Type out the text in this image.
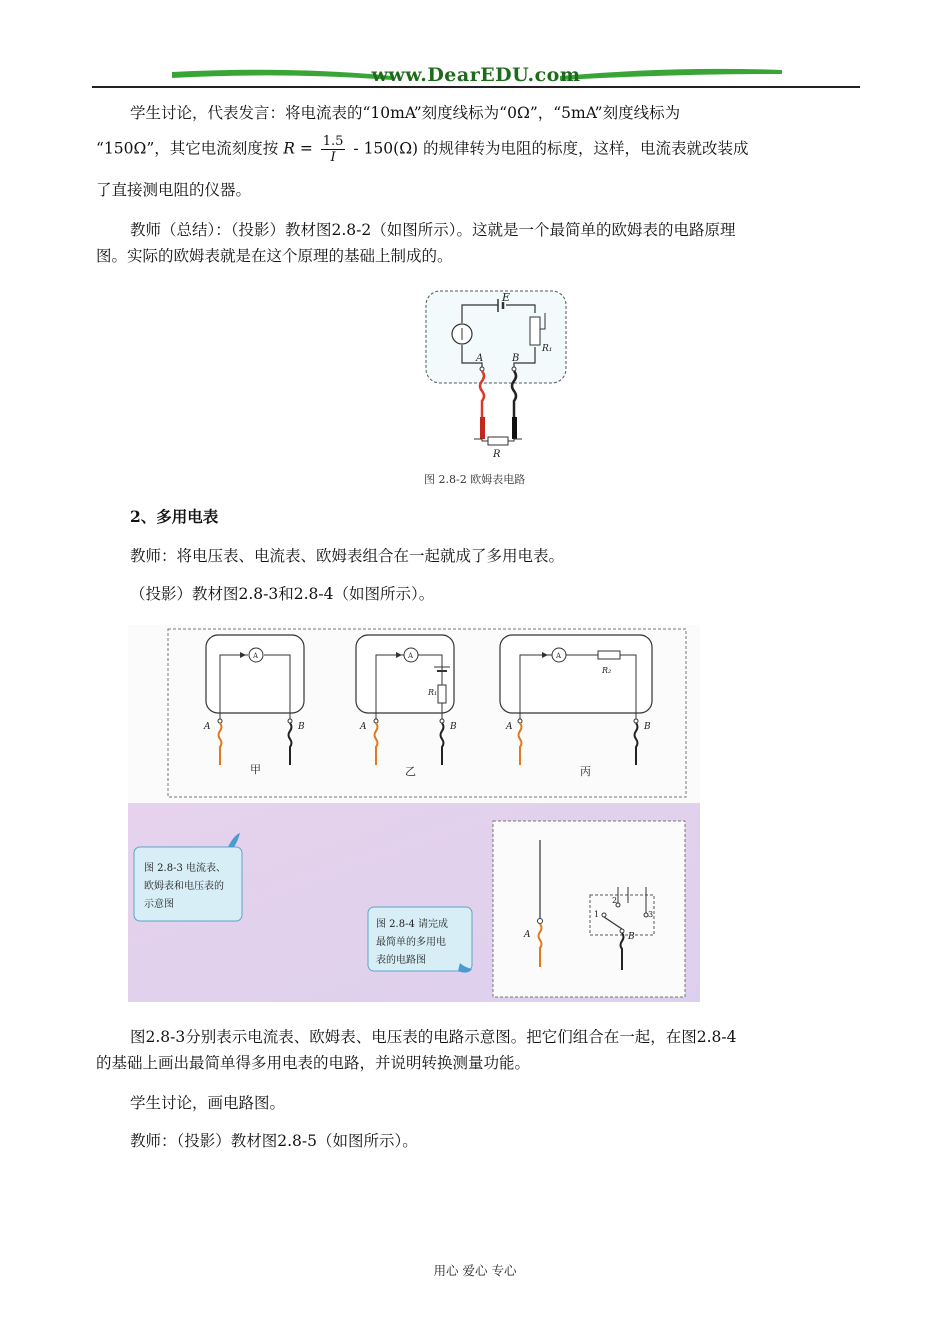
www.DearEDU.com
学生讨论，代表发言：将电流表的“10mA”刻度线标为“0Ω”，“5mA”刻度线标为
“150Ω”，其它电流刻度按 $R = \frac{1.5}{I} - 150(\Omega)$ 的规律转为电阻的标度，这样，电流表就改装成
了直接测电阻的仪器。
教师（总结）：（投影）教材图2.8-2（如图所示）。这就是一个最简单的欧姆表的电路原理
图。实际的欧姆表就是在这个原理的基础上制成的。
E
R₁
A	B
R
图 2.8-2 欧姆表电路
2、多用电表
教师：将电压表、电流表、欧姆表组合在一起就成了多用电表。
（投影）教材图2.8-3和2.8-4（如图所示）。
A
A	B
甲
A
R₁
A	B
乙
A
R₂
A	B
丙
图 2.8-3 电流表、
欧姆表和电压表的
示意图
图 2.8-4 请完成
最简单的多用电
表的电路图
A
1
2
3
B
图2.8-3分别表示电流表、欧姆表、电压表的电路示意图。把它们组合在一起，在图2.8-4
的基础上画出最简单得多用电表的电路，并说明转换测量功能。
学生讨论，画电路图。
教师：（投影）教材图2.8-5（如图所示）。
用心 爱心 专心
